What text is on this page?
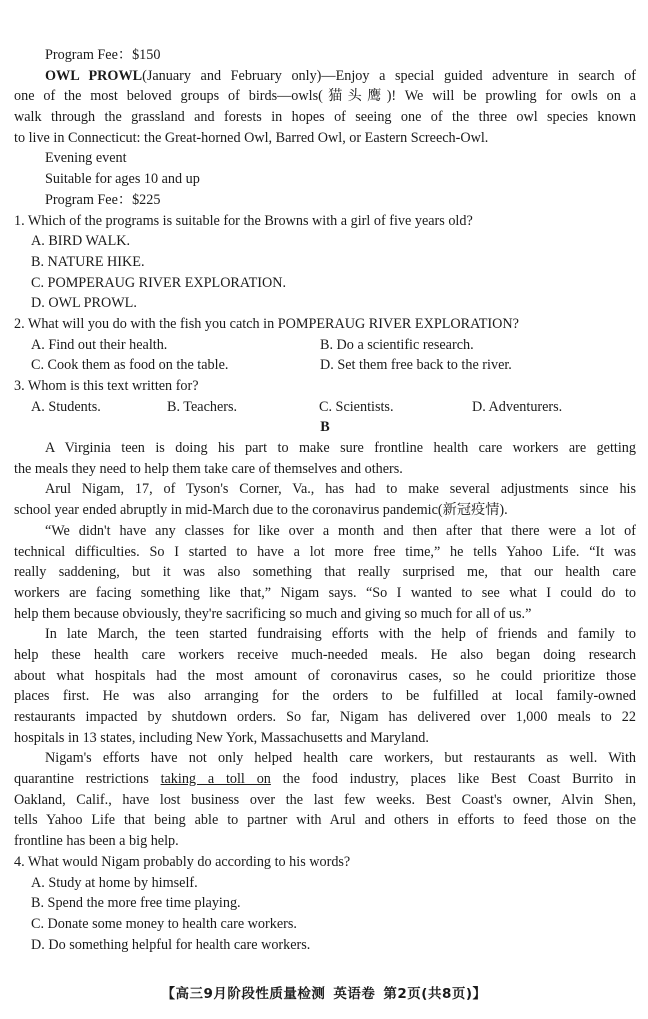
Program Fee：$150
OWL PROWL(January and February only)—Enjoy a special guided adventure in search of
one of the most beloved groups of birds—owls(猫头鹰)! We will be prowling for owls on a
walk through the grassland and forests in hopes of seeing one of the three owl species known
to live in Connecticut: the Great-horned Owl, Barred Owl, or Eastern Screech-Owl.
Evening event
Suitable for ages 10 and up
Program Fee：$225
1. Which of the programs is suitable for the Browns with a girl of five years old?
A. BIRD WALK.
B. NATURE HIKE.
C. POMPERAUG RIVER EXPLORATION.
D. OWL PROWL.
2. What will you do with the fish you catch in POMPERAUG RIVER EXPLORATION?
A. Find out their health.	B. Do a scientific research.
C. Cook them as food on the table.	D. Set them free back to the river.
3. Whom is this text written for?
A. Students.	B. Teachers.	C. Scientists.	D. Adventurers.
B
A Virginia teen is doing his part to make sure frontline health care workers are getting
the meals they need to help them take care of themselves and others.
Arul Nigam, 17, of Tyson's Corner, Va., has had to make several adjustments since his
school year ended abruptly in mid-March due to the coronavirus pandemic(新冠疫情).
“We didn't have any classes for like over a month and then after that there were a lot of
technical difficulties. So I started to have a lot more free time,” he tells Yahoo Life. “It was
really saddening, but it was also something that really surprised me, that our health care
workers are facing something like that,” Nigam says. “So I wanted to see what I could do to
help them because obviously, they're sacrificing so much and giving so much for all of us.”
In late March, the teen started fundraising efforts with the help of friends and family to
help these health care workers receive much-needed meals. He also began doing research
about what hospitals had the most amount of coronavirus cases, so he could prioritize those
places first. He was also arranging for the orders to be fulfilled at local family-owned
restaurants impacted by shutdown orders. So far, Nigam has delivered over 1,000 meals to 22
hospitals in 13 states, including New York, Massachusetts and Maryland.
Nigam's efforts have not only helped health care workers, but restaurants as well. With
quarantine restrictions taking a toll on the food industry, places like Best Coast Burrito in
Oakland, Calif., have lost business over the last few weeks. Best Coast's owner, Alvin Shen,
tells Yahoo Life that being able to partner with Arul and others in efforts to feed those on the
frontline has been a big help.
4. What would Nigam probably do according to his words?
A. Study at home by himself.
B. Spend the more free time playing.
C. Donate some money to health care workers.
D. Do something helpful for health care workers.
【高三9月阶段性质量检测 英语卷 第2页(共8页)】
